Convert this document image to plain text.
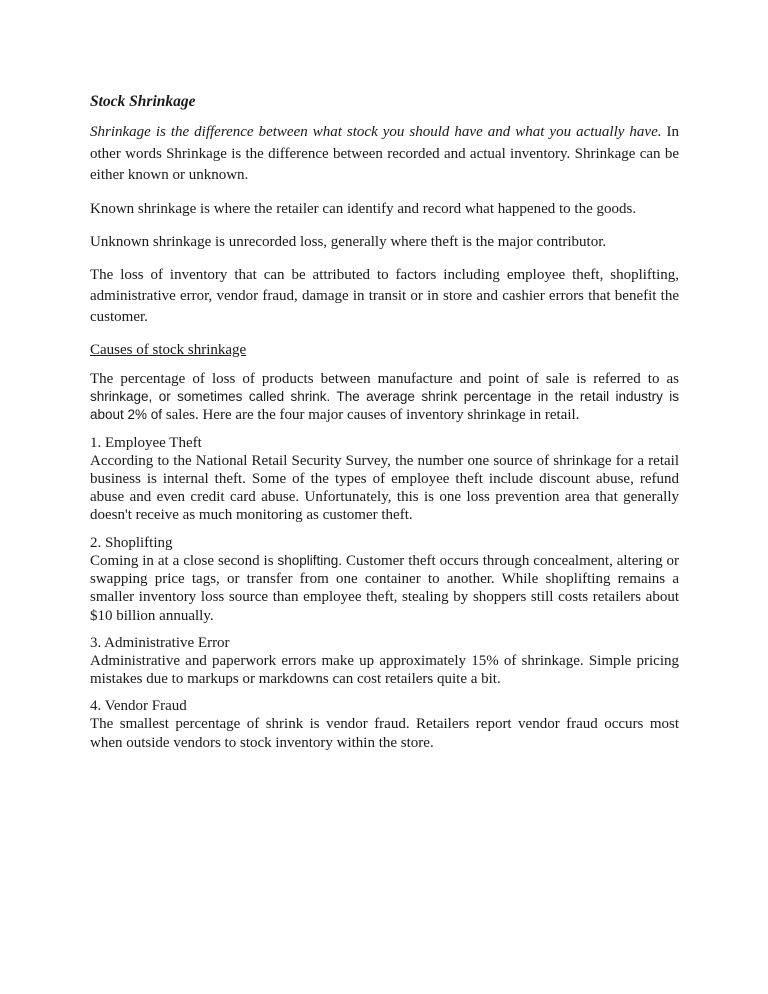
Stock Shrinkage

Shrinkage is the difference between what stock you should have and what you actually have. In other words Shrinkage is the difference between recorded and actual inventory. Shrinkage can be either known or unknown.

Known shrinkage is where the retailer can identify and record what happened to the goods.

Unknown shrinkage is unrecorded loss, generally where theft is the major contributor.

The loss of inventory that can be attributed to factors including employee theft, shoplifting, administrative error, vendor fraud, damage in transit or in store and cashier errors that benefit the customer.

Causes of stock shrinkage

The percentage of loss of products between manufacture and point of sale is referred to as shrinkage, or sometimes called shrink. The average shrink percentage in the retail industry is about 2% of sales. Here are the four major causes of inventory shrinkage in retail.

1. Employee Theft
According to the National Retail Security Survey, the number one source of shrinkage for a retail business is internal theft. Some of the types of employee theft include discount abuse, refund abuse and even credit card abuse. Unfortunately, this is one loss prevention area that generally doesn't receive as much monitoring as customer theft.
2. Shoplifting
Coming in at a close second is shoplifting. Customer theft occurs through concealment, altering or swapping price tags, or transfer from one container to another. While shoplifting remains a smaller inventory loss source than employee theft, stealing by shoppers still costs retailers about $10 billion annually.
3. Administrative Error
Administrative and paperwork errors make up approximately 15% of shrinkage. Simple pricing mistakes due to markups or markdowns can cost retailers quite a bit.
4. Vendor Fraud
The smallest percentage of shrink is vendor fraud. Retailers report vendor fraud occurs most when outside vendors to stock inventory within the store.
